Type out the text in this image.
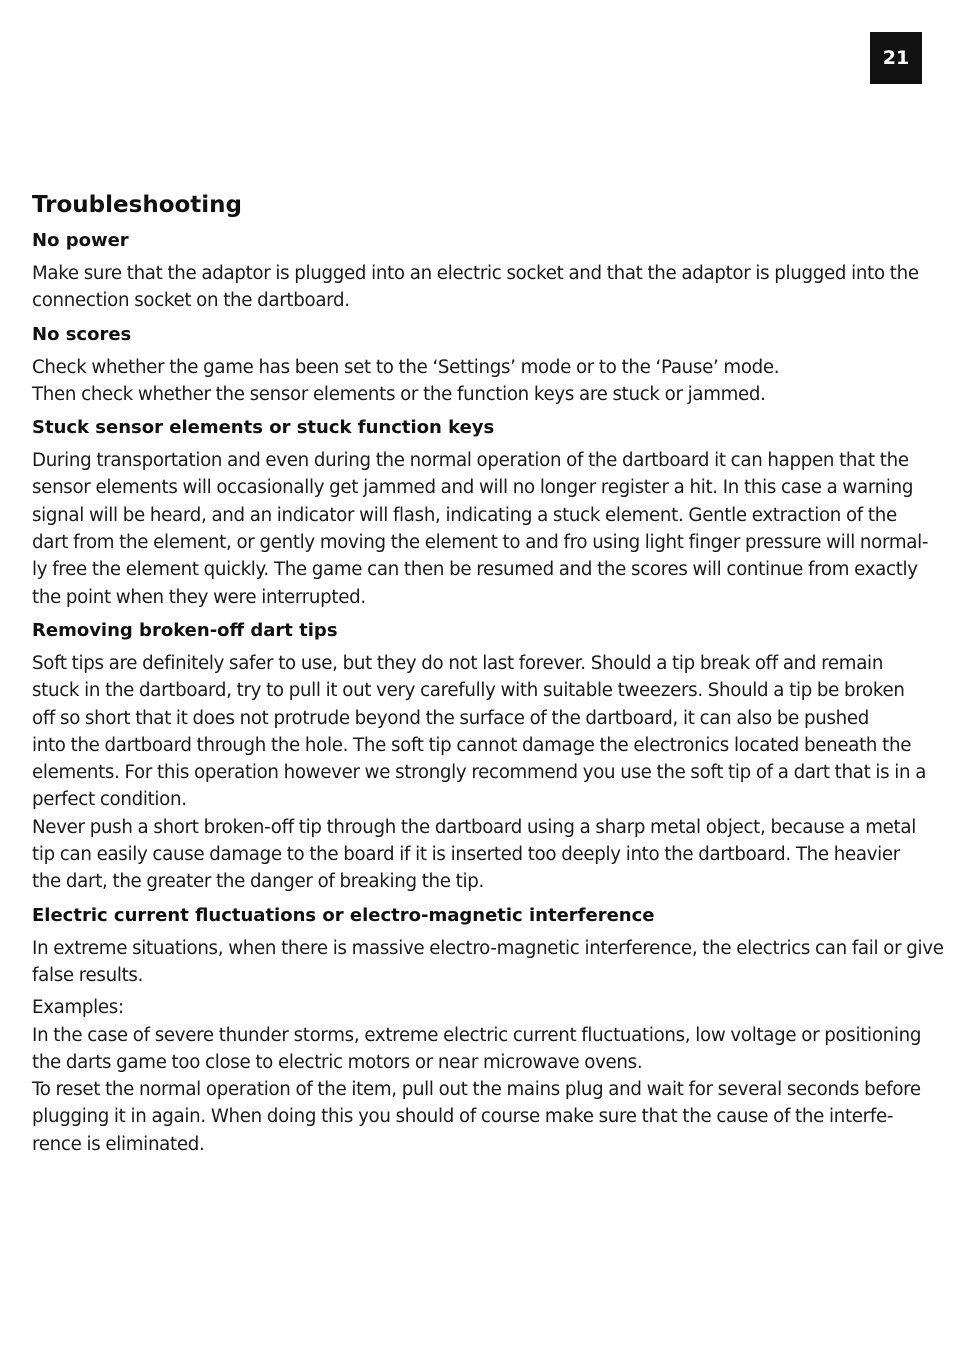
21
Troubleshooting
No power

Make sure that the adaptor is plugged into an electric socket and that the adaptor is plugged into the
connection socket on the dartboard.

No scores

Check whether the game has been set to the ‘Settings’ mode or to the ‘Pause’ mode.
Then check whether the sensor elements or the function keys are stuck or jammed.

Stuck sensor elements or stuck function keys

During transportation and even during the normal operation of the dartboard it can happen that the
sensor elements will occasionally get jammed and will no longer register a hit. In this case a warning
signal will be heard, and an indicator will flash, indicating a stuck element. Gentle extraction of the
dart from the element, or gently moving the element to and fro using light finger pressure will normal-
ly free the element quickly. The game can then be resumed and the scores will continue from exactly
the point when they were interrupted.

Removing broken-off dart tips

Soft tips are definitely safer to use, but they do not last forever. Should a tip break off and remain
stuck in the dartboard, try to pull it out very carefully with suitable tweezers. Should a tip be broken
off so short that it does not protrude beyond the surface of the dartboard, it can also be pushed
into the dartboard through the hole. The soft tip cannot damage the electronics located beneath the
elements. For this operation however we strongly recommend you use the soft tip of a dart that is in a
perfect condition.
Never push a short broken-off tip through the dartboard using a sharp metal object, because a metal
tip can easily cause damage to the board if it is inserted too deeply into the dartboard. The heavier
the dart, the greater the danger of breaking the tip.

Electric current fluctuations or electro-magnetic interference

In extreme situations, when there is massive electro-magnetic interference, the electrics can fail or give
false results.

Examples:
In the case of severe thunder storms, extreme electric current fluctuations, low voltage or positioning
the darts game too close to electric motors or near microwave ovens.
To reset the normal operation of the item, pull out the mains plug and wait for several seconds before
plugging it in again. When doing this you should of course make sure that the cause of the interfe-
rence is eliminated.
